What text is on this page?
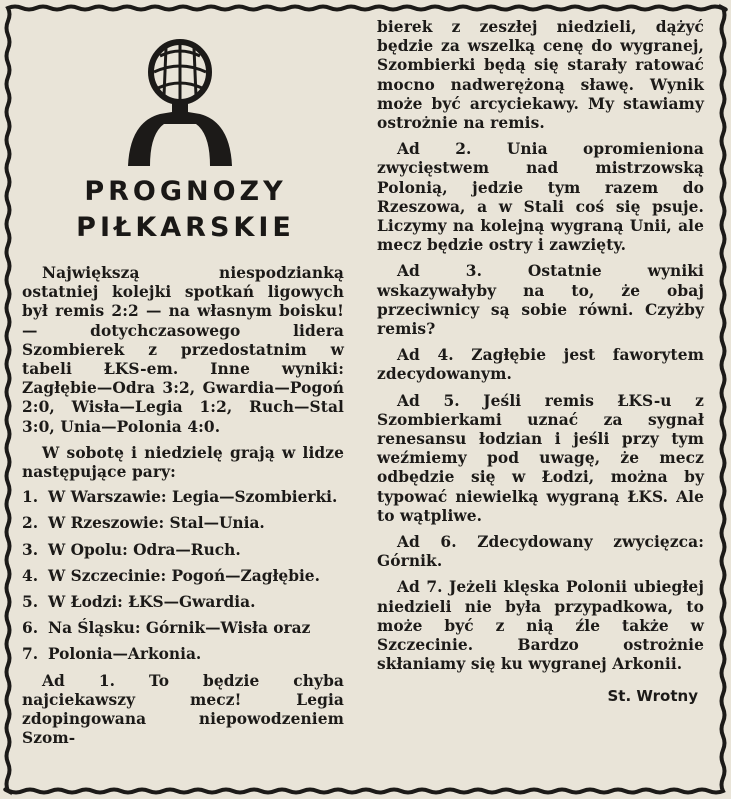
PROGNOZY
PIŁKARSKIE

Największą niespodzianką ostatniej kolejki spotkań ligowych był remis 2:2 — na własnym boisku! — dotychczasowego lidera Szombierek z przedostatnim w tabeli ŁKS-em. Inne wyniki: Zagłębie—Odra 3:2, Gwardia—Pogoń 2:0, Wisła—Legia 1:2, Ruch—Stal 3:0, Unia—Polonia 4:0.

W sobotę i niedzielę grają w lidze następujące pary:

1. W Warszawie: Legia—Szombierki.
2. W Rzeszowie: Stal—Unia.
3. W Opolu: Odra—Ruch.
4. W Szczecinie: Pogoń—Zagłębie.
5. W Łodzi: ŁKS—Gwardia.
6. Na Śląsku: Górnik—Wisła oraz
7. Polonia—Arkonia.

Ad 1. To będzie chyba najciekawszy mecz! Legia zdopingowana niepowodzeniem Szom-

bierek z zeszłej niedzieli, dążyć będzie za wszelką cenę do wygranej, Szombierki będą się starały ratować mocno nadwerężoną sławę. Wynik może być arcyciekawy. My stawiamy ostrożnie na remis.

Ad 2. Unia opromieniona zwycięstwem nad mistrzowską Polonią, jedzie tym razem do Rzeszowa, a w Stali coś się psuje. Liczymy na kolejną wygraną Unii, ale mecz będzie ostry i zawzięty.

Ad 3. Ostatnie wyniki wskazywałyby na to, że obaj przeciwnicy są sobie równi. Czyżby remis?

Ad 4. Zagłębie jest faworytem zdecydowanym.

Ad 5. Jeśli remis ŁKS-u z Szombierkami uznać za sygnał renesansu łodzian i jeśli przy tym weźmiemy pod uwagę, że mecz odbędzie się w Łodzi, można by typować niewielką wygraną ŁKS. Ale to wątpliwe.

Ad 6. Zdecydowany zwycięzca: Górnik.

Ad 7. Jeżeli klęska Polonii ubiegłej niedzieli nie była przypadkowa, to może być z nią źle także w Szczecinie. Bardzo ostrożnie skłaniamy się ku wygranej Arkonii.

St. Wrotny
